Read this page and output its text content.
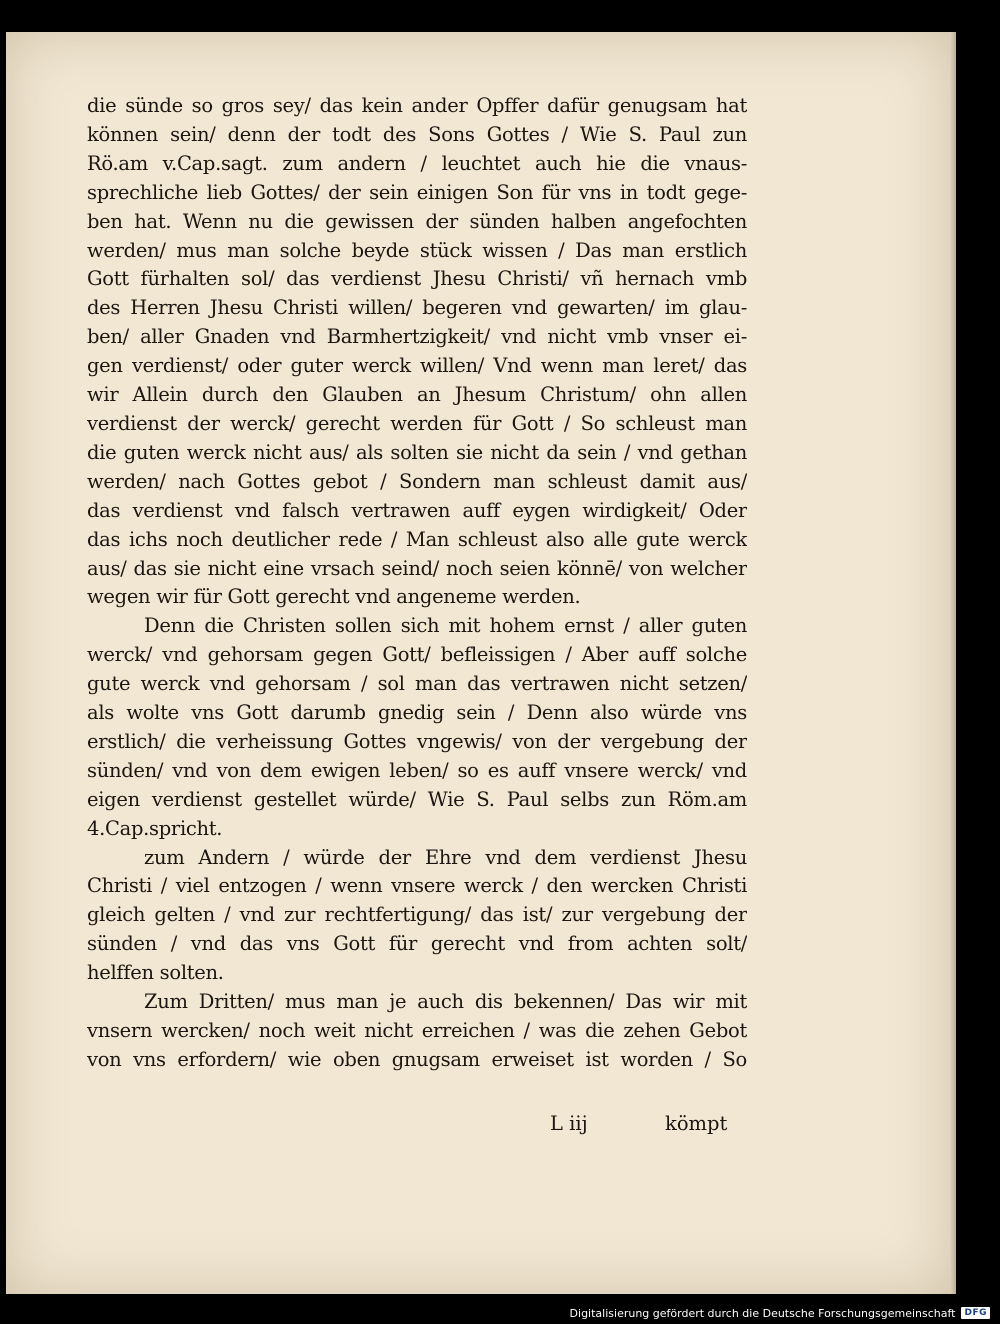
die sünde so gros sey/ das kein ander Opffer dafür genugsam hat
können sein/ denn der todt des Sons Gottes / Wie S. Paul zun
Rö.am v.Cap.sagt. zum andern / leuchtet auch hie die vnaus-
sprechliche lieb Gottes/ der sein einigen Son für vns in todt gege-
ben hat. Wenn nu die gewissen der sünden halben angefochten
werden/ mus man solche beyde stück wissen / Das man erstlich
Gott fürhalten sol/ das verdienst Jhesu Christi/ vñ hernach vmb
des Herren Jhesu Christi willen/ begeren vnd gewarten/ im glau-
ben/ aller Gnaden vnd Barmhertzigkeit/ vnd nicht vmb vnser ei-
gen verdienst/ oder guter werck willen/ Vnd wenn man leret/ das
wir Allein durch den Glauben an Jhesum Christum/ ohn allen
verdienst der werck/ gerecht werden für Gott / So schleust man
die guten werck nicht aus/ als solten sie nicht da sein / vnd gethan
werden/ nach Gottes gebot / Sondern man schleust damit aus/
das verdienst vnd falsch vertrawen auff eygen wirdigkeit/ Oder
das ichs noch deutlicher rede / Man schleust also alle gute werck
aus/ das sie nicht eine vrsach seind/ noch seien könnē/ von welcher
wegen wir für Gott gerecht vnd angeneme werden.
Denn die Christen sollen sich mit hohem ernst / aller guten
werck/ vnd gehorsam gegen Gott/ befleissigen / Aber auff solche
gute werck vnd gehorsam / sol man das vertrawen nicht setzen/
als wolte vns Gott darumb gnedig sein / Denn also würde vns
erstlich/ die verheissung Gottes vngewis/ von der vergebung der
sünden/ vnd von dem ewigen leben/ so es auff vnsere werck/ vnd
eigen verdienst gestellet würde/ Wie S. Paul selbs zun Röm.am
4.Cap.spricht.
zum Andern / würde der Ehre vnd dem verdienst Jhesu
Christi / viel entzogen / wenn vnsere werck / den wercken Christi
gleich gelten / vnd zur rechtfertigung/ das ist/ zur vergebung der
sünden / vnd das vns Gott für gerecht vnd from achten solt/
helffen solten.
Zum Dritten/ mus man je auch dis bekennen/ Das wir mit
vnsern wercken/ noch weit nicht erreichen / was die zehen Gebot
von vns erfordern/ wie oben gnugsam erweiset ist worden / So
L iij	kömpt
Digitalisierung gefördert durch die Deutsche Forschungsgemeinschaft	DFG
